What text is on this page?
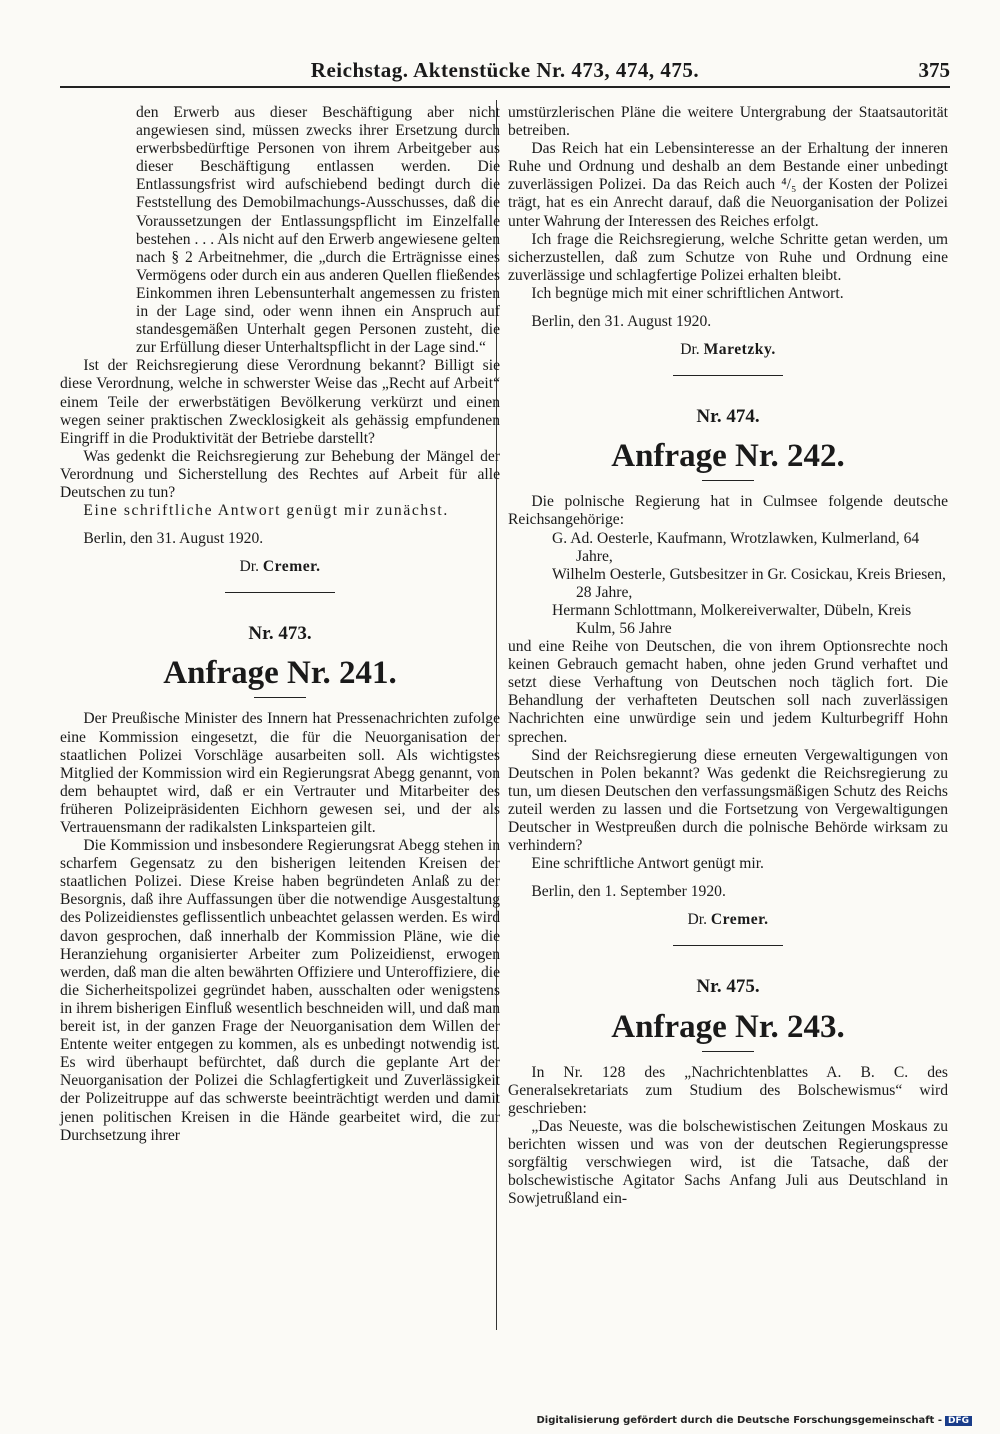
Reichstag. Aktenstücke Nr. 473, 474, 475.	375

den Erwerb aus dieser Beschäftigung aber nicht angewiesen sind, müssen zwecks ihrer Ersetzung durch erwerbsbedürftige Personen von ihrem Arbeitgeber aus dieser Beschäftigung entlassen werden. Die Entlassungsfrist wird aufschiebend bedingt durch die Feststellung des Demobilmachungs-Ausschusses, daß die Voraussetzungen der Entlassungspflicht im Einzelfalle bestehen . . . Als nicht auf den Erwerb angewiesene gelten nach § 2 Arbeitnehmer, die „durch die Erträgnisse eines Vermögens oder durch ein aus anderen Quellen fließendes Einkommen ihren Lebensunterhalt angemessen zu fristen in der Lage sind, oder wenn ihnen ein Anspruch auf standesgemäßen Unterhalt gegen Personen zusteht, die zur Erfüllung dieser Unterhaltspflicht in der Lage sind.“

Ist der Reichsregierung diese Verordnung bekannt? Billigt sie diese Verordnung, welche in schwerster Weise das „Recht auf Arbeit“ einem Teile der erwerbstätigen Bevölkerung verkürzt und einen wegen seiner praktischen Zwecklosigkeit als gehässig empfundenen Eingriff in die Produktivität der Betriebe darstellt?

Was gedenkt die Reichsregierung zur Behebung der Mängel der Verordnung und Sicherstellung des Rechtes auf Arbeit für alle Deutschen zu tun?

Eine schriftliche Antwort genügt mir zunächst.

Berlin, den 31. August 1920.

Dr. Cremer.

Nr. 473.
Anfrage Nr. 241.

Der Preußische Minister des Innern hat Pressenachrichten zufolge eine Kommission eingesetzt, die für die Neuorganisation der staatlichen Polizei Vorschläge ausarbeiten soll. Als wichtigstes Mitglied der Kommission wird ein Regierungsrat Abegg genannt, von dem behauptet wird, daß er ein Vertrauter und Mitarbeiter des früheren Polizeipräsidenten Eichhorn gewesen sei, und der als Vertrauensmann der radikalsten Linksparteien gilt.

Die Kommission und insbesondere Regierungsrat Abegg stehen in scharfem Gegensatz zu den bisherigen leitenden Kreisen der staatlichen Polizei. Diese Kreise haben begründeten Anlaß zu der Besorgnis, daß ihre Auffassungen über die notwendige Ausgestaltung des Polizeidienstes geflissentlich unbeachtet gelassen werden. Es wird davon gesprochen, daß innerhalb der Kommission Pläne, wie die Heranziehung organisierter Arbeiter zum Polizeidienst, erwogen werden, daß man die alten bewährten Offiziere und Unteroffiziere, die die Sicherheitspolizei gegründet haben, ausschalten oder wenigstens in ihrem bisherigen Einfluß wesentlich beschneiden will, und daß man bereit ist, in der ganzen Frage der Neuorganisation dem Willen der Entente weiter entgegen zu kommen, als es unbedingt notwendig ist. Es wird überhaupt befürchtet, daß durch die geplante Art der Neuorganisation der Polizei die Schlagfertigkeit und Zuverlässigkeit der Polizeitruppe auf das schwerste beeinträchtigt werden und damit jenen politischen Kreisen in die Hände gearbeitet wird, die zur Durchsetzung ihrer

umstürzlerischen Pläne die weitere Untergrabung der Staatsautorität betreiben.

Das Reich hat ein Lebensinteresse an der Erhaltung der inneren Ruhe und Ordnung und deshalb an dem Bestande einer unbedingt zuverlässigen Polizei. Da das Reich auch ⁴/₅ der Kosten der Polizei trägt, hat es ein Anrecht darauf, daß die Neuorganisation der Polizei unter Wahrung der Interessen des Reiches erfolgt.

Ich frage die Reichsregierung, welche Schritte getan werden, um sicherzustellen, daß zum Schutze von Ruhe und Ordnung eine zuverlässige und schlagfertige Polizei erhalten bleibt.

Ich begnüge mich mit einer schriftlichen Antwort.

Berlin, den 31. August 1920.

Dr. Maretzky.

Nr. 474.
Anfrage Nr. 242.

Die polnische Regierung hat in Culmsee folgende deutsche Reichsangehörige:

G. Ad. Oesterle, Kaufmann, Wrotzlawken, Kulmerland, 64 Jahre,

Wilhelm Oesterle, Gutsbesitzer in Gr. Cosickau, Kreis Briesen, 28 Jahre,

Hermann Schlottmann, Molkereiverwalter, Dübeln, Kreis Kulm, 56 Jahre

und eine Reihe von Deutschen, die von ihrem Optionsrechte noch keinen Gebrauch gemacht haben, ohne jeden Grund verhaftet und setzt diese Verhaftung von Deutschen noch täglich fort. Die Behandlung der verhafteten Deutschen soll nach zuverlässigen Nachrichten eine unwürdige sein und jedem Kulturbegriff Hohn sprechen.

Sind der Reichsregierung diese erneuten Vergewaltigungen von Deutschen in Polen bekannt? Was gedenkt die Reichsregierung zu tun, um diesen Deutschen den verfassungsmäßigen Schutz des Reichs zuteil werden zu lassen und die Fortsetzung von Vergewaltigungen Deutscher in Westpreußen durch die polnische Behörde wirksam zu verhindern?

Eine schriftliche Antwort genügt mir.

Berlin, den 1. September 1920.

Dr. Cremer.

Nr. 475.
Anfrage Nr. 243.

In Nr. 128 des „Nachrichtenblattes A. B. C. des Generalsekretariats zum Studium des Bolschewismus“ wird geschrieben:

„Das Neueste, was die bolschewistischen Zeitungen Moskaus zu berichten wissen und was von der deutschen Regierungspresse sorgfältig verschwiegen wird, ist die Tatsache, daß der bolschewistische Agitator Sachs Anfang Juli aus Deutschland in Sowjetrußland ein-

Digitalisierung gefördert durch die Deutsche Forschungsgemeinschaft - DFG
